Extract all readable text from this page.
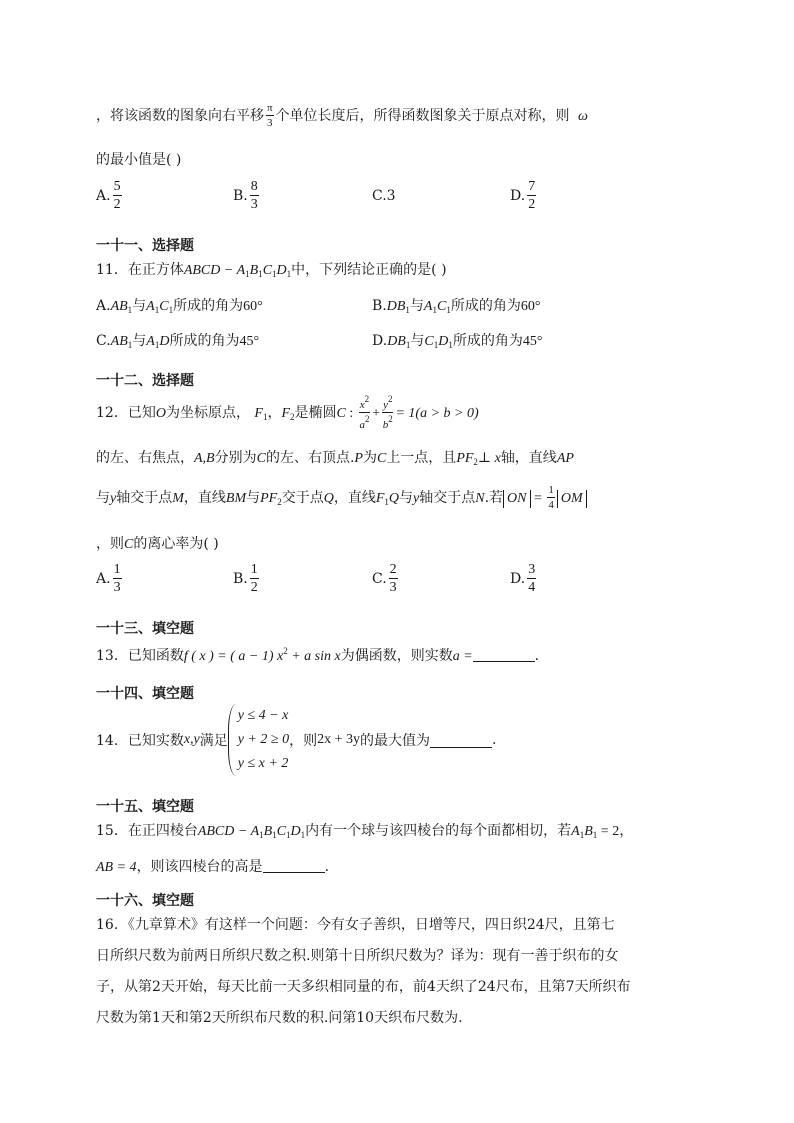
，将该函数的图象向右平移 $\frac{\pi}{3}$ 个单位长度后，所得函数图象关于原点对称，则 ω
的最小值是( )
A. $\frac{5}{2}$	B. $\frac{8}{3}$	C.3	D. $\frac{7}{2}$
一十一、选择题
11．在正方体ABCD − $A_1B_1C_1D_1$中，下列结论正确的是( )
$A.AB_1$与$A_1C_1$所成的角为60°	$B.DB_1$与$A_1C_1$所成的角为60°
$C.AB_1$与$A_1D$所成的角为45°	$D.DB_1$与$C_1D_1$所成的角为45°
一十二、选择题
12．已知O为坐标原点， $F_1$，$F_2$是椭圆C : $\frac{x^2}{a^2} + \frac{y^2}{b^2} = 1(a > b > 0)$
的左、右焦点，A,B分别为C的左、右顶点.P为C上一点，且$PF_2\perp$ x轴，直线AP
与y轴交于点M，直线BM与$PF_2$交于点Q，直线$F_1Q$与y轴交于点N.若 ON = $\frac{1}{4}$ OM
，则C的离心率为( )
A. $\frac{1}{3}$	B. $\frac{1}{2}$	C. $\frac{2}{3}$	D. $\frac{3}{4}$
一十三、填空题
13．已知函数f ( x ) = ( a − 1) $x^2 + a$ sin x为偶函数，则实数a =	.
一十四、填空题
14．已知实数x,y满足
y ≤ 4 − x
y + 2 ≥ 0
y ≤ x + 2
，则2x + 3y的最大值为	.
一十五、填空题
15．在正四棱台ABCD − $A_1B_1C_1D_1$内有一个球与该四棱台的每个面都相切，若$A_1B_1 = 2$，
AB = 4，则该四棱台的高是	.
一十六、填空题
16．《九章算术》有这样一个问题：今有女子善织，日增等尺，四日织24尺，且第七
日所织尺数为前两日所织尺数之积.则第十日所织尺数为？译为：现有一善于织布的女
子，从第2天开始，每天比前一天多织相同量的布，前4天织了24尺布，且第7天所织布
尺数为第1天和第2天所织布尺数的积.问第10天织布尺数为.
